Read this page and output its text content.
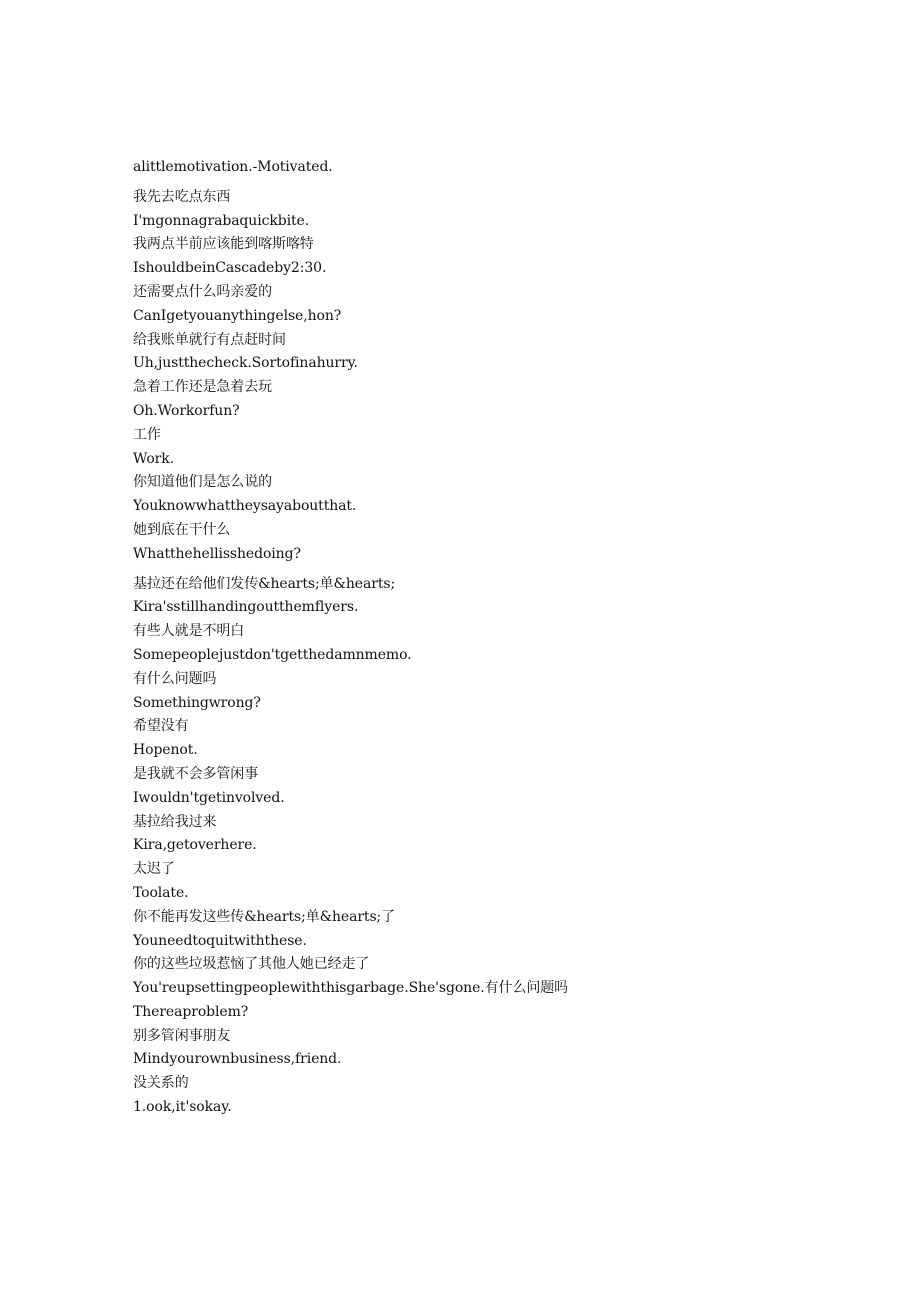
alittlemotivation.-Motivated.
我先去吃点东西
I'mgonnagrabaquickbite.
我两点半前应该能到喀斯喀特
IshouldbeinCascadeby2:30.
还需要点什么吗亲爱的
CanIgetyouanythingelse,hon?
给我账单就行有点赶时间
Uh,justthecheck.Sortofinahurry.
急着工作还是急着去玩
Oh.Workorfun?
工作
Work.
你知道他们是怎么说的
Youknowwhattheysayaboutthat.
她到底在干什么
Whatthehellisshedoing?
基拉还在给他们发传&hearts;单&hearts;
Kira'sstillhandingoutthemflyers.
有些人就是不明白
Somepeoplejustdon'tgetthedamnmemo.
有什么问题吗
Somethingwrong?
希望没有
Hopenot.
是我就不会多管闲事
Iwouldn'tgetinvolved.
基拉给我过来
Kira,getoverhere.
太迟了
Toolate.
你不能再发这些传&hearts;单&hearts;了
Youneedtoquitwiththese.
你的这些垃圾惹恼了其他人她已经走了
You'reupsettingpeoplewiththisgarbage.She'sgone.有什么问题吗
Thereaproblem?
别多管闲事朋友
Mindyourownbusiness,friend.
没关系的
1.ook,it'sokay.
